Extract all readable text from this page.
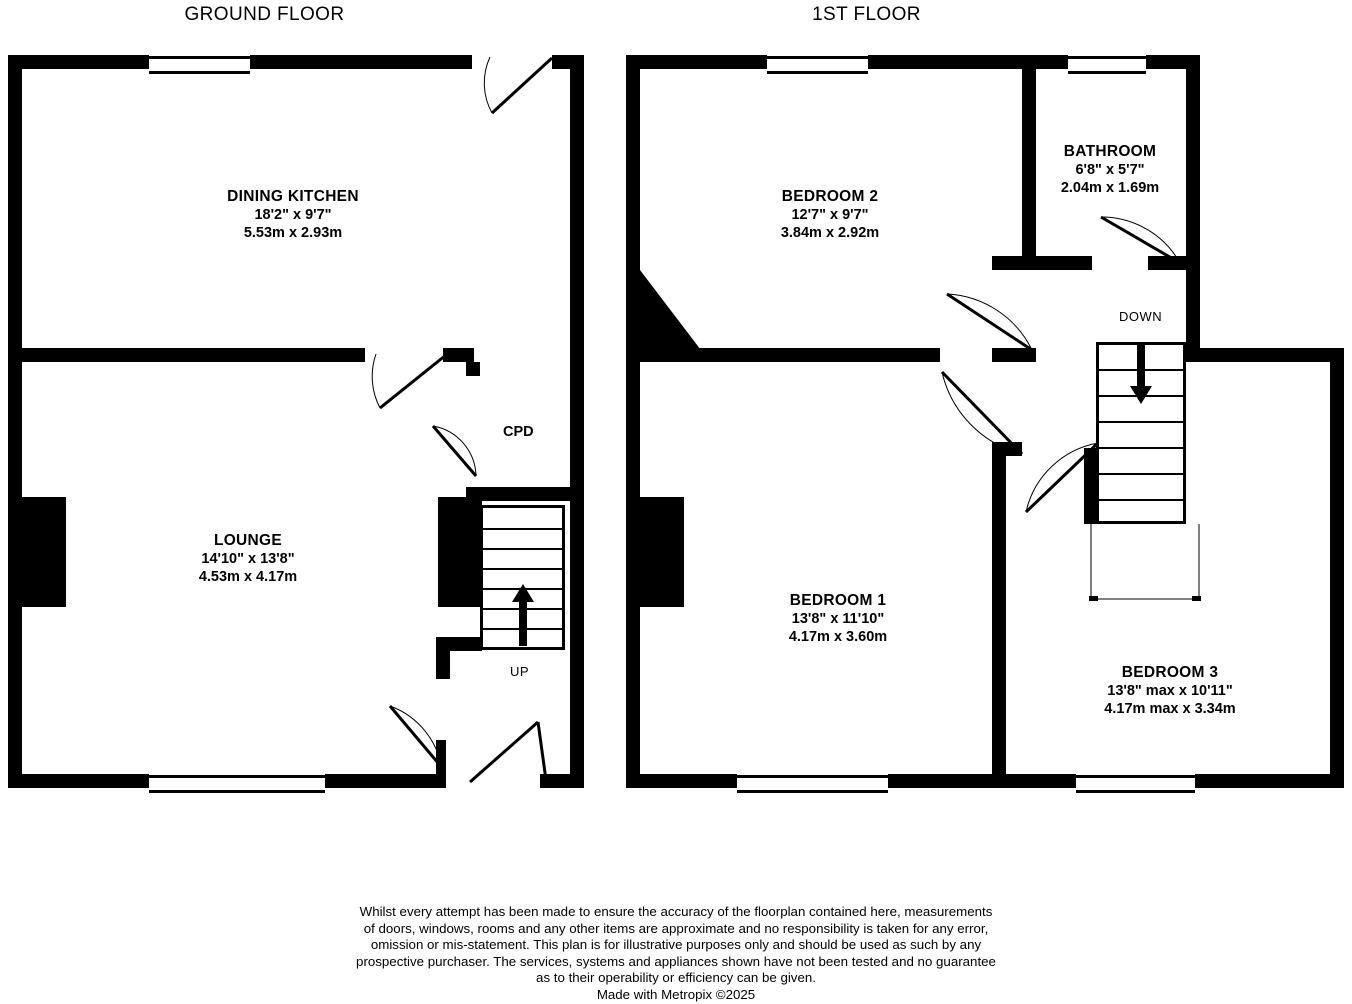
GROUND FLOOR	1ST FLOOR
DINING KITCHEN
18'2" x 9'7"
5.53m x 2.93m
LOUNGE
14'10" x 13'8"
4.53m x 4.17m
CPD
UP
BEDROOM 2
12'7" x 9'7"
3.84m x 2.92m
BATHROOM
6'8" x 5'7"
2.04m x 1.69m
BEDROOM 1
13'8" x 11'10"
4.17m x 3.60m
BEDROOM 3
13'8" max x 10'11"
4.17m max x 3.34m
DOWN
Whilst every attempt has been made to ensure the accuracy of the floorplan contained here, measurements
of doors, windows, rooms and any other items are approximate and no responsibility is taken for any error,
omission or mis-statement. This plan is for illustrative purposes only and should be used as such by any
prospective purchaser. The services, systems and appliances shown have not been tested and no guarantee
as to their operability or efficiency can be given.
Made with Metropix ©2025
